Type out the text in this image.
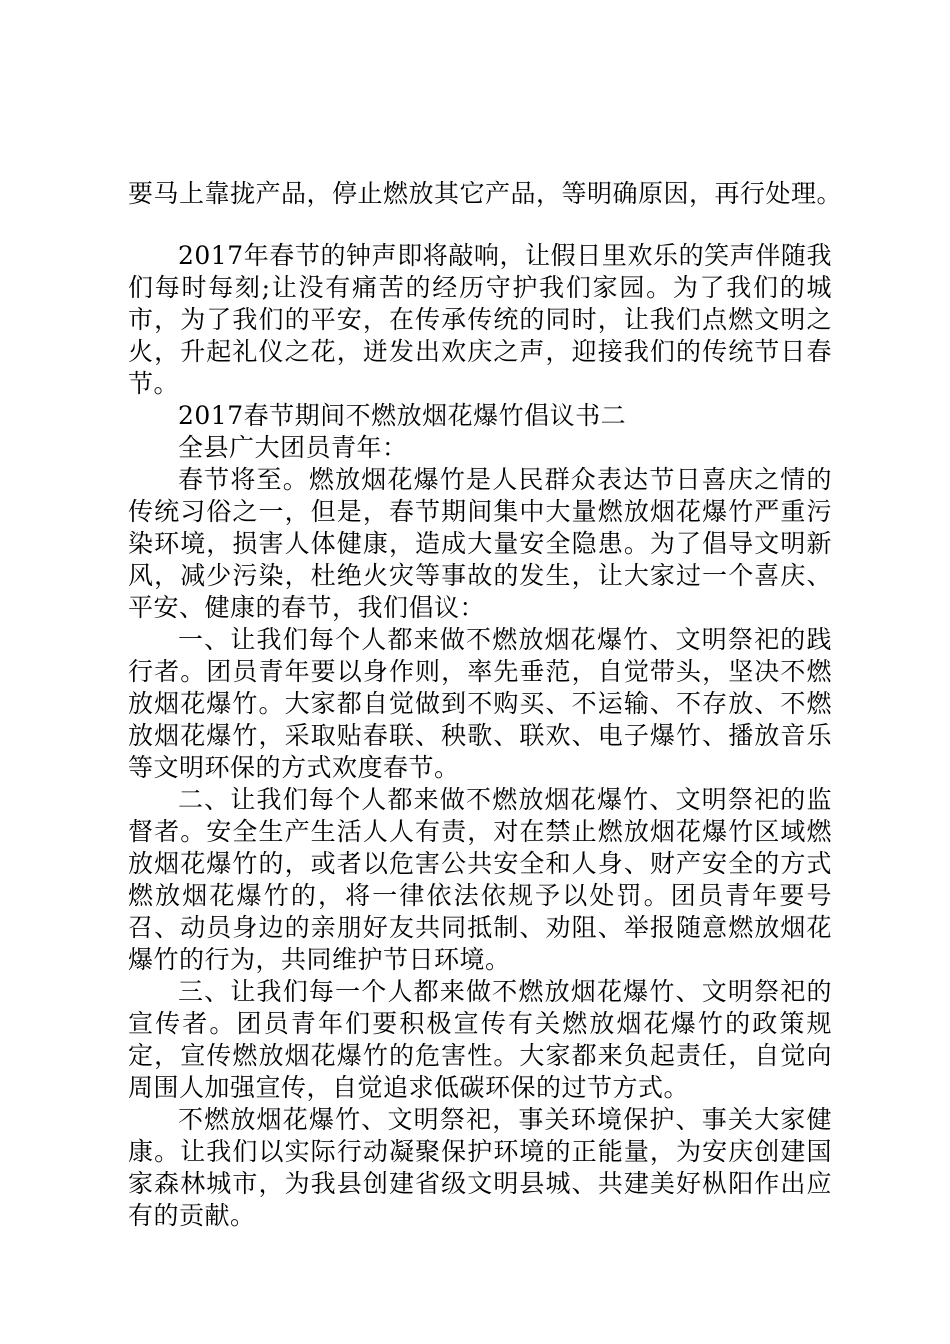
要马上靠拢产品，停止燃放其它产品，等明确原因，再行处理。

2017年春节的钟声即将敲响，让假日里欢乐的笑声伴随我们每时每刻;让没有痛苦的经历守护我们家园。为了我们的城市，为了我们的平安，在传承传统的同时，让我们点燃文明之火，升起礼仪之花，迸发出欢庆之声，迎接我们的传统节日春节。

2017春节期间不燃放烟花爆竹倡议书二

全县广大团员青年：

春节将至。燃放烟花爆竹是人民群众表达节日喜庆之情的传统习俗之一，但是，春节期间集中大量燃放烟花爆竹严重污染环境，损害人体健康，造成大量安全隐患。为了倡导文明新风，减少污染，杜绝火灾等事故的发生，让大家过一个喜庆、平安、健康的春节，我们倡议：

一、让我们每个人都来做不燃放烟花爆竹、文明祭祀的践行者。团员青年要以身作则，率先垂范，自觉带头，坚决不燃放烟花爆竹。大家都自觉做到不购买、不运输、不存放、不燃放烟花爆竹，采取贴春联、秧歌、联欢、电子爆竹、播放音乐等文明环保的方式欢度春节。

二、让我们每个人都来做不燃放烟花爆竹、文明祭祀的监督者。安全生产生活人人有责，对在禁止燃放烟花爆竹区域燃放烟花爆竹的，或者以危害公共安全和人身、财产安全的方式燃放烟花爆竹的，将一律依法依规予以处罚。团员青年要号召、动员身边的亲朋好友共同抵制、劝阻、举报随意燃放烟花爆竹的行为，共同维护节日环境。

三、让我们每一个人都来做不燃放烟花爆竹、文明祭祀的宣传者。团员青年们要积极宣传有关燃放烟花爆竹的政策规定，宣传燃放烟花爆竹的危害性。大家都来负起责任，自觉向周围人加强宣传，自觉追求低碳环保的过节方式。

不燃放烟花爆竹、文明祭祀，事关环境保护、事关大家健康。让我们以实际行动凝聚保护环境的正能量，为安庆创建国家森林城市，为我县创建省级文明县城、共建美好枞阳作出应有的贡献。
